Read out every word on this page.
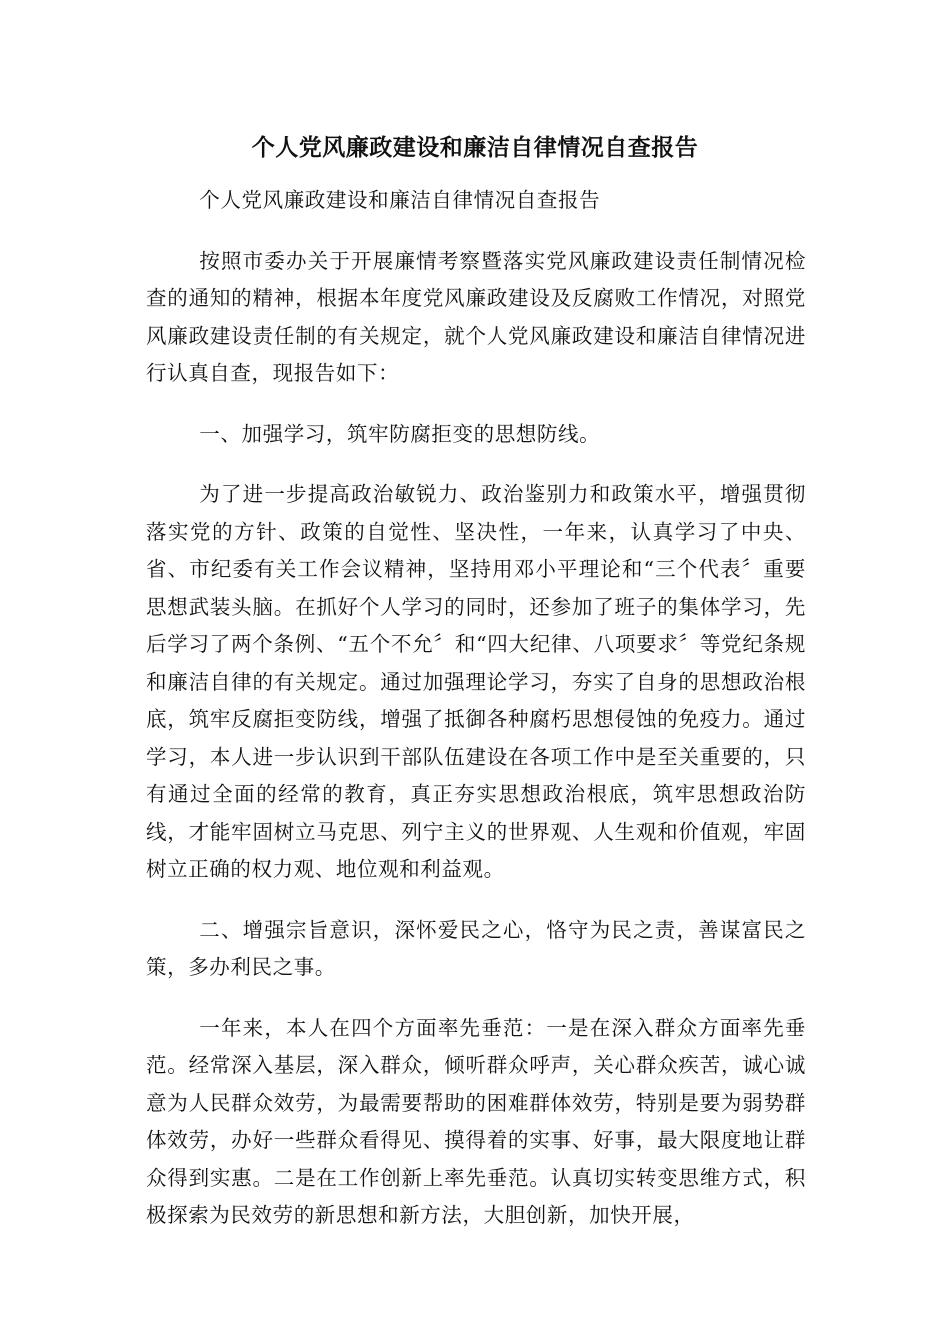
个人党风廉政建设和廉洁自律情况自查报告

个人党风廉政建设和廉洁自律情况自查报告

按照市委办关于开展廉情考察暨落实党风廉政建设责任制情况检查的通知的精神，根据本年度党风廉政建设及反腐败工作情况，对照党风廉政建设责任制的有关规定，就个人党风廉政建设和廉洁自律情况进行认真自查，现报告如下：

一、加强学习，筑牢防腐拒变的思想防线。

为了进一步提高政治敏锐力、政治鉴别力和政策水平，增强贯彻落实党的方针、政策的自觉性、坚决性，一年来，认真学习了中央、省、市纪委有关工作会议精神，坚持用邓小平理论和“三个代表〞重要思想武装头脑。在抓好个人学习的同时，还参加了班子的集体学习，先后学习了两个条例、“五个不允〞和“四大纪律、八项要求〞等党纪条规和廉洁自律的有关规定。通过加强理论学习，夯实了自身的思想政治根底，筑牢反腐拒变防线，增强了抵御各种腐朽思想侵蚀的免疫力。通过学习，本人进一步认识到干部队伍建设在各项工作中是至关重要的，只有通过全面的经常的教育，真正夯实思想政治根底，筑牢思想政治防线，才能牢固树立马克思、列宁主义的世界观、人生观和价值观，牢固树立正确的权力观、地位观和利益观。

二、增强宗旨意识，深怀爱民之心，恪守为民之责，善谋富民之策，多办利民之事。

一年来，本人在四个方面率先垂范：一是在深入群众方面率先垂范。经常深入基层，深入群众，倾听群众呼声，关心群众疾苦，诚心诚意为人民群众效劳，为最需要帮助的困难群体效劳，特别是要为弱势群体效劳，办好一些群众看得见、摸得着的实事、好事，最大限度地让群众得到实惠。二是在工作创新上率先垂范。认真切实转变思维方式，积极探索为民效劳的新思想和新方法，大胆创新，加快开展，
